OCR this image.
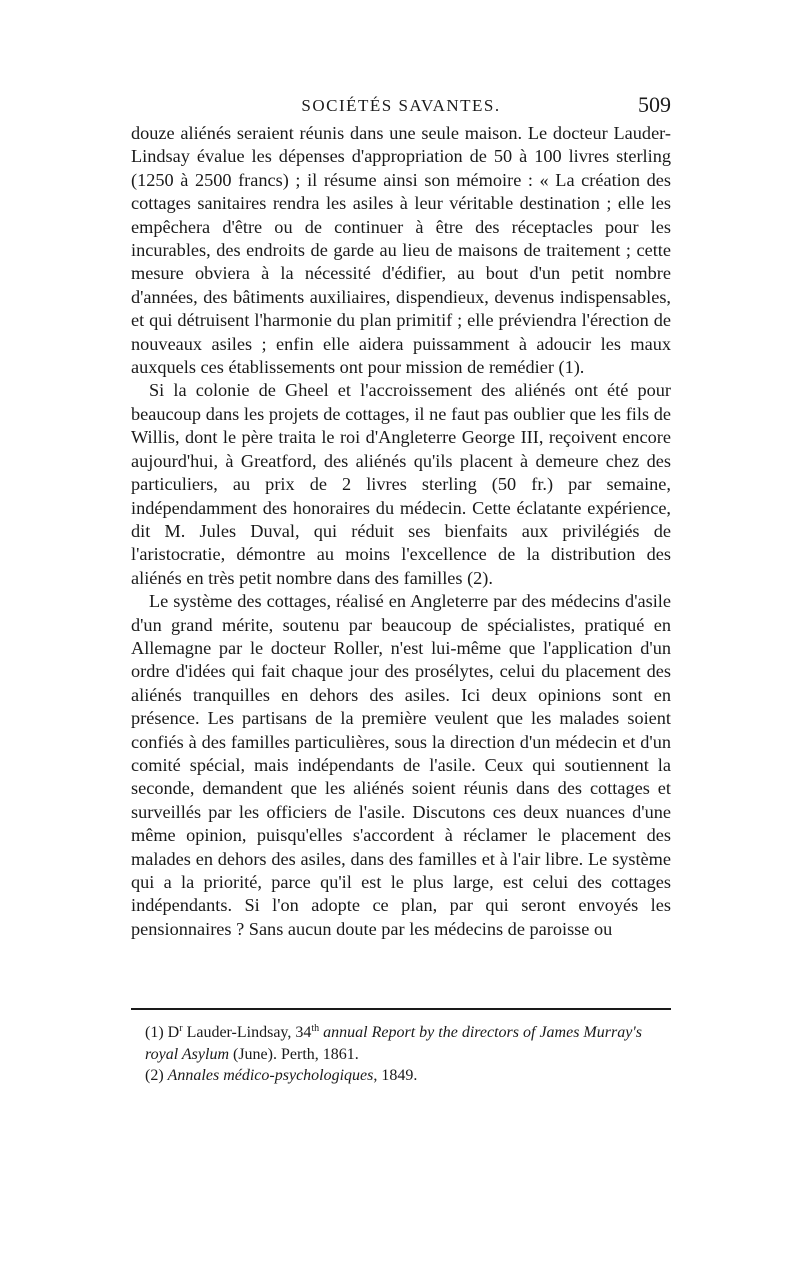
SOCIÉTÉS SAVANTES.	509

douze aliénés seraient réunis dans une seule maison. Le docteur Lauder-Lindsay évalue les dépenses d'appropriation de 50 à 100 livres sterling (1250 à 2500 francs) ; il résume ainsi son mémoire : « La création des cottages sanitaires rendra les asiles à leur véritable destination ; elle les empêchera d'être ou de continuer à être des réceptacles pour les incurables, des endroits de garde au lieu de maisons de traitement ; cette mesure obviera à la nécessité d'édifier, au bout d'un petit nombre d'années, des bâtiments auxiliaires, dispendieux, devenus indispensables, et qui détruisent l'harmonie du plan primitif ; elle préviendra l'érection de nouveaux asiles ; enfin elle aidera puissamment à adoucir les maux auxquels ces établissements ont pour mission de remédier (1).

Si la colonie de Gheel et l'accroissement des aliénés ont été pour beaucoup dans les projets de cottages, il ne faut pas oublier que les fils de Willis, dont le père traita le roi d'Angleterre George III, reçoivent encore aujourd'hui, à Greatford, des aliénés qu'ils placent à demeure chez des particuliers, au prix de 2 livres sterling (50 fr.) par semaine, indépendamment des honoraires du médecin. Cette éclatante expérience, dit M. Jules Duval, qui réduit ses bienfaits aux privilégiés de l'aristocratie, démontre au moins l'excellence de la distribution des aliénés en très petit nombre dans des familles (2).

Le système des cottages, réalisé en Angleterre par des médecins d'asile d'un grand mérite, soutenu par beaucoup de spécialistes, pratiqué en Allemagne par le docteur Roller, n'est lui-même que l'application d'un ordre d'idées qui fait chaque jour des prosélytes, celui du placement des aliénés tranquilles en dehors des asiles. Ici deux opinions sont en présence. Les partisans de la première veulent que les malades soient confiés à des familles particulières, sous la direction d'un médecin et d'un comité spécial, mais indépendants de l'asile. Ceux qui soutiennent la seconde, demandent que les aliénés soient réunis dans des cottages et surveillés par les officiers de l'asile. Discutons ces deux nuances d'une même opinion, puisqu'elles s'accordent à réclamer le placement des malades en dehors des asiles, dans des familles et à l'air libre. Le système qui a la priorité, parce qu'il est le plus large, est celui des cottages indépendants. Si l'on adopte ce plan, par qui seront envoyés les pensionnaires ? Sans aucun doute par les médecins de paroisse ou

(1) $D^r$ Lauder-Lindsay, 34th annual Report by the directors of James Murray's royal Asylum (June). Perth, 1861.

(2) Annales médico-psychologiques, 1849.
